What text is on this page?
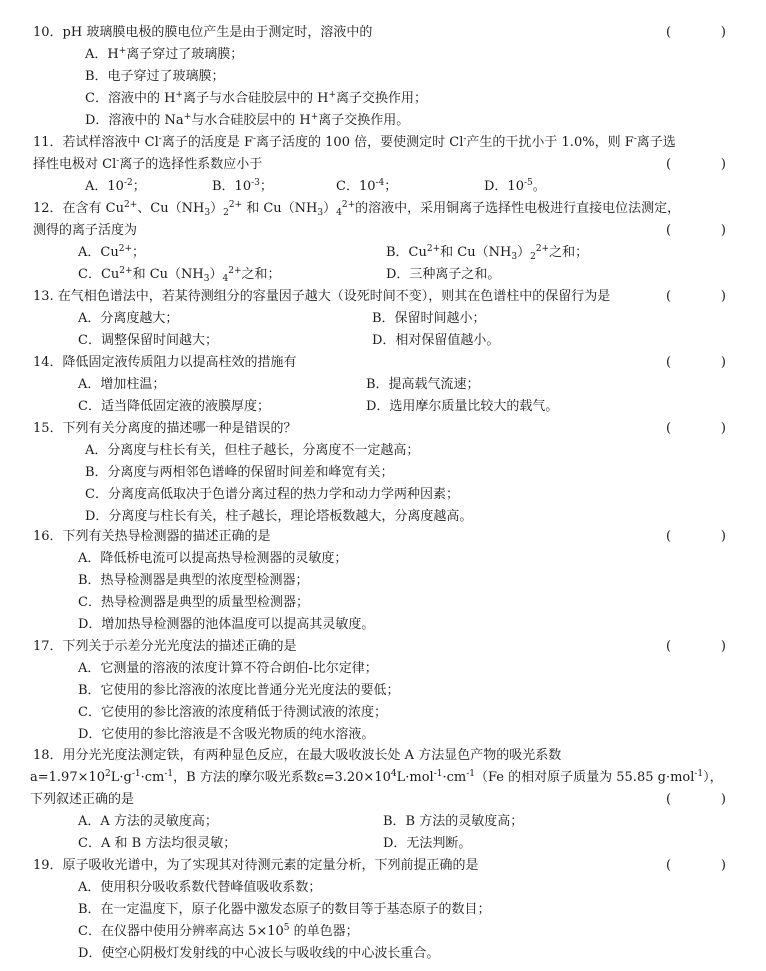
10．pH 玻璃膜电极的膜电位产生是由于测定时，溶液中的	(	)
A．H+离子穿过了玻璃膜；
B．电子穿过了玻璃膜；
C．溶液中的 H+离子与水合硅胶层中的 H+离子交换作用；
D．溶液中的 Na+与水合硅胶层中的 H+离子交换作用。
11．若试样溶液中 Cl-离子的活度是 F-离子活度的 100 倍，要使测定时 Cl-产生的干扰小于 1.0%，则 F-离子选
择性电极对 Cl-离子的选择性系数应小于	(	)
A．$10^{-2}$；	B．$10^{-3}$；	C．$10^{-4}$；	D．$10^{-5}$。
12．在含有 $Cu^{2+}$、$Cu(NH_3)_2^{2+}$ 和 $Cu(NH_3)_4^{2+}$的溶液中，采用铜离子选择性电极进行直接电位法测定，
测得的离子活度为	(	)
A．$Cu^{2+}$；	B．$Cu^{2+}$和 $Cu(NH_3)_2^{2+}$之和；
C．$Cu^{2+}$和 $Cu(NH_3)_4^{2+}$之和；	D．三种离子之和。
13. 在气相色谱法中，若某待测组分的容量因子越大（设死时间不变），则其在色谱柱中的保留行为是	(	)
A．分离度越大；	B．保留时间越小；
C．调整保留时间越大；	D．相对保留值越小。
14．降低固定液传质阻力以提高柱效的措施有	(	)
A．增加柱温；	B．提高载气流速；
C．适当降低固定液的液膜厚度；	D．选用摩尔质量比较大的载气。
15．下列有关分离度的描述哪一种是错误的？	(	)
A．分离度与柱长有关，但柱子越长，分离度不一定越高；
B．分离度与两相邻色谱峰的保留时间差和峰宽有关；
C．分离度高低取决于色谱分离过程的热力学和动力学两种因素；
D．分离度与柱长有关，柱子越长，理论塔板数越大，分离度越高。
16．下列有关热导检测器的描述正确的是	(	)
A．降低桥电流可以提高热导检测器的灵敏度；
B．热导检测器是典型的浓度型检测器；
C．热导检测器是典型的质量型检测器；
D．增加热导检测器的池体温度可以提高其灵敏度。
17．下列关于示差分光光度法的描述正确的是	(	)
A．它测量的溶液的浓度计算不符合朗伯-比尔定律；
B．它使用的参比溶液的浓度比普通分光光度法的要低；
C．它使用的参比溶液的浓度稍低于待测试液的浓度；
D．它使用的参比溶液是不含吸光物质的纯水溶液。
18．用分光光度法测定铁，有两种显色反应，在最大吸收波长处 A 方法显色产物的吸光系数
$a=1.97\times 10^2L\cdot g^{-1}\cdot cm^{-1}$，B 方法的摩尔吸光系数$\varepsilon=3.20\times 10^4L\cdot mol^{-1}\cdot cm^{-1}(Fe$ 的相对原子质量为 55.85 g·mol$^{-1}$），
下列叙述正确的是	(	)
A．A 方法的灵敏度高；	B．B 方法的灵敏度高；
C．A 和 B 方法均很灵敏；	D．无法判断。
19．原子吸收光谱中，为了实现其对待测元素的定量分析，下列前提正确的是	(	)
A．使用积分吸收系数代替峰值吸收系数；
B．在一定温度下，原子化器中激发态原子的数目等于基态原子的数目；
C．在仪器中使用分辨率高达 $5\times 10^5$ 的单色器；
D．使空心阴极灯发射线的中心波长与吸收线的中心波长重合。
